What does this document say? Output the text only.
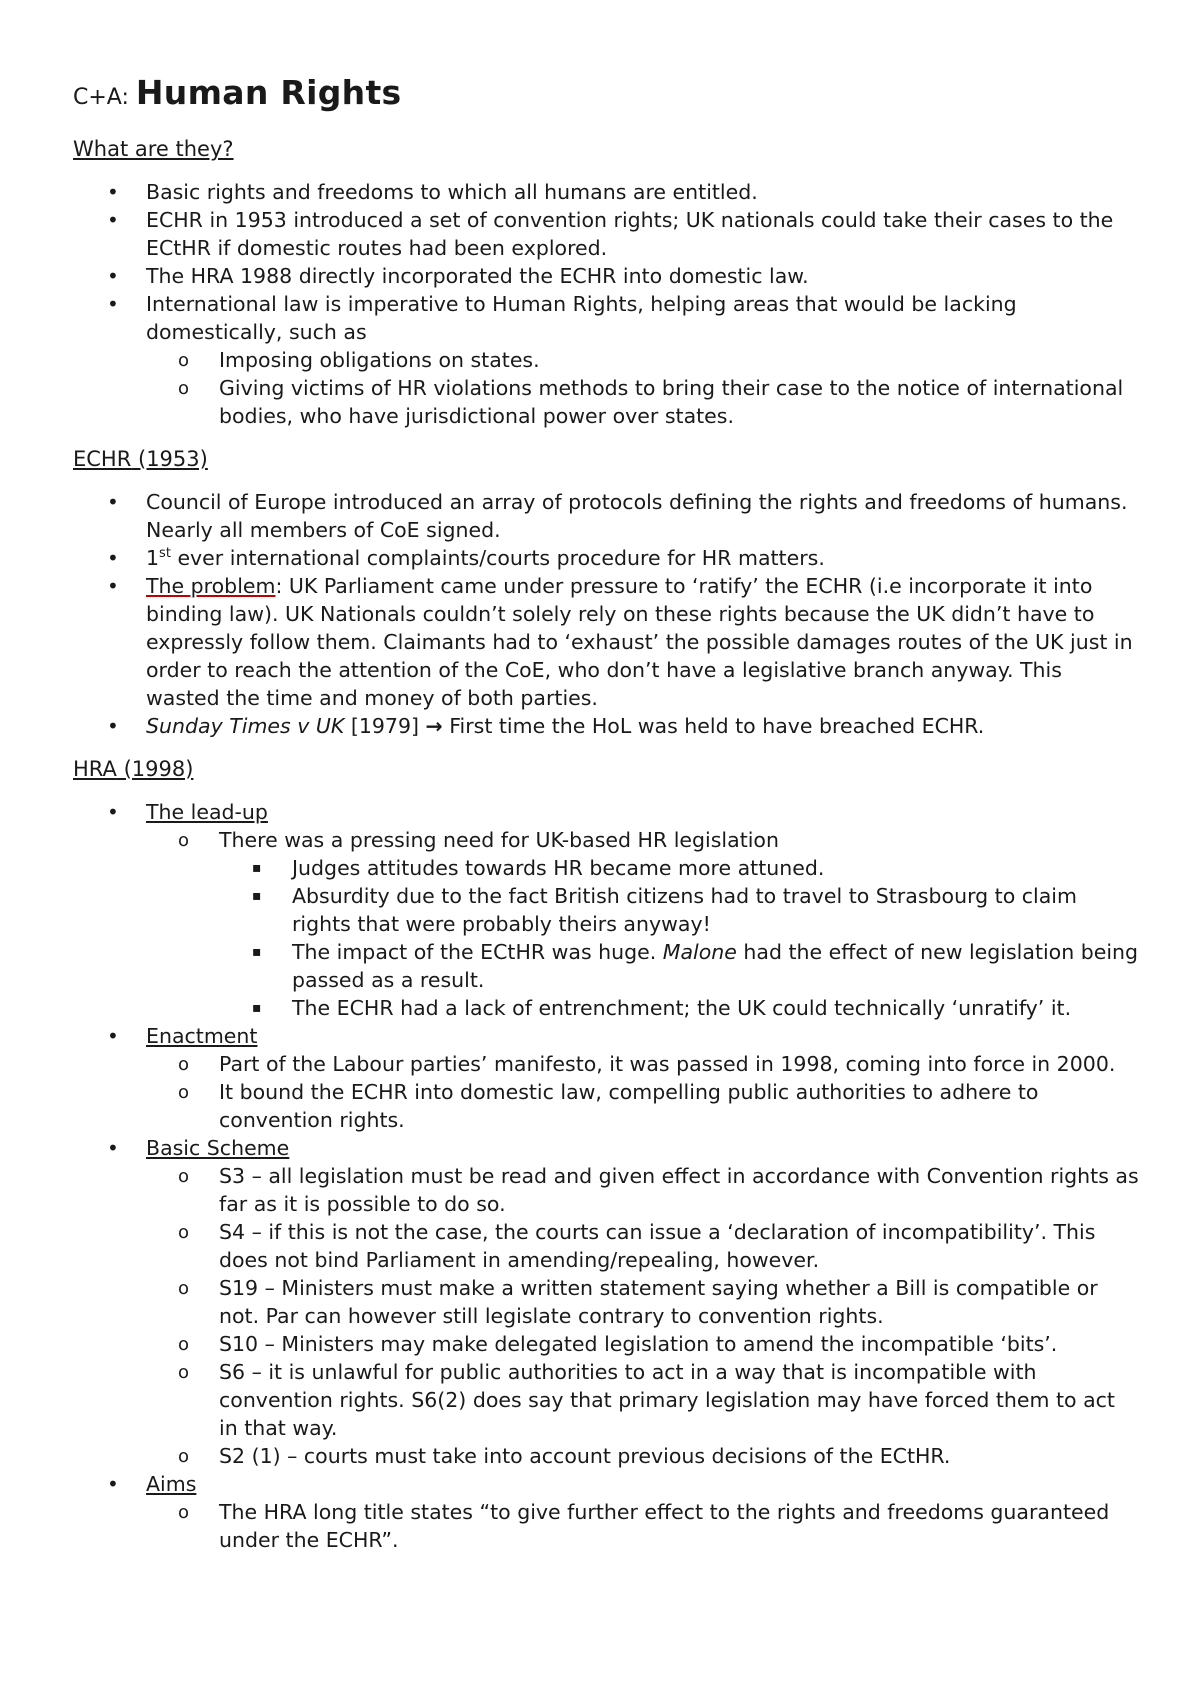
C+A: Human Rights
What are they?
• Basic rights and freedoms to which all humans are entitled.
• ECHR in 1953 introduced a set of convention rights; UK nationals could take their cases to the ECtHR if domestic routes had been explored.
• The HRA 1988 directly incorporated the ECHR into domestic law.
• International law is imperative to Human Rights, helping areas that would be lacking domestically, such as
o Imposing obligations on states.
o Giving victims of HR violations methods to bring their case to the notice of international bodies, who have jurisdictional power over states.
ECHR (1953)
• Council of Europe introduced an array of protocols defining the rights and freedoms of humans. Nearly all members of CoE signed.
• 1st ever international complaints/courts procedure for HR matters.
• The problem: UK Parliament came under pressure to ‘ratify’ the ECHR (i.e incorporate it into binding law). UK Nationals couldn’t solely rely on these rights because the UK didn’t have to expressly follow them. Claimants had to ‘exhaust’ the possible damages routes of the UK just in order to reach the attention of the CoE, who don’t have a legislative branch anyway. This wasted the time and money of both parties.
• Sunday Times v UK [1979] → First time the HoL was held to have breached ECHR.
HRA (1998)
• The lead-up
o There was a pressing need for UK-based HR legislation
▪ Judges attitudes towards HR became more attuned.
▪ Absurdity due to the fact British citizens had to travel to Strasbourg to claim rights that were probably theirs anyway!
▪ The impact of the ECtHR was huge. Malone had the effect of new legislation being passed as a result.
▪ The ECHR had a lack of entrenchment; the UK could technically ‘unratify’ it.
• Enactment
o Part of the Labour parties’ manifesto, it was passed in 1998, coming into force in 2000.
o It bound the ECHR into domestic law, compelling public authorities to adhere to convention rights.
• Basic Scheme
o S3 – all legislation must be read and given effect in accordance with Convention rights as far as it is possible to do so.
o S4 – if this is not the case, the courts can issue a ‘declaration of incompatibility’. This does not bind Parliament in amending/repealing, however.
o S19 – Ministers must make a written statement saying whether a Bill is compatible or not. Par can however still legislate contrary to convention rights.
o S10 – Ministers may make delegated legislation to amend the incompatible ‘bits’.
o S6 – it is unlawful for public authorities to act in a way that is incompatible with convention rights. S6(2) does say that primary legislation may have forced them to act in that way.
o S2 (1) – courts must take into account previous decisions of the ECtHR.
• Aims
o The HRA long title states “to give further effect to the rights and freedoms guaranteed under the ECHR”.
